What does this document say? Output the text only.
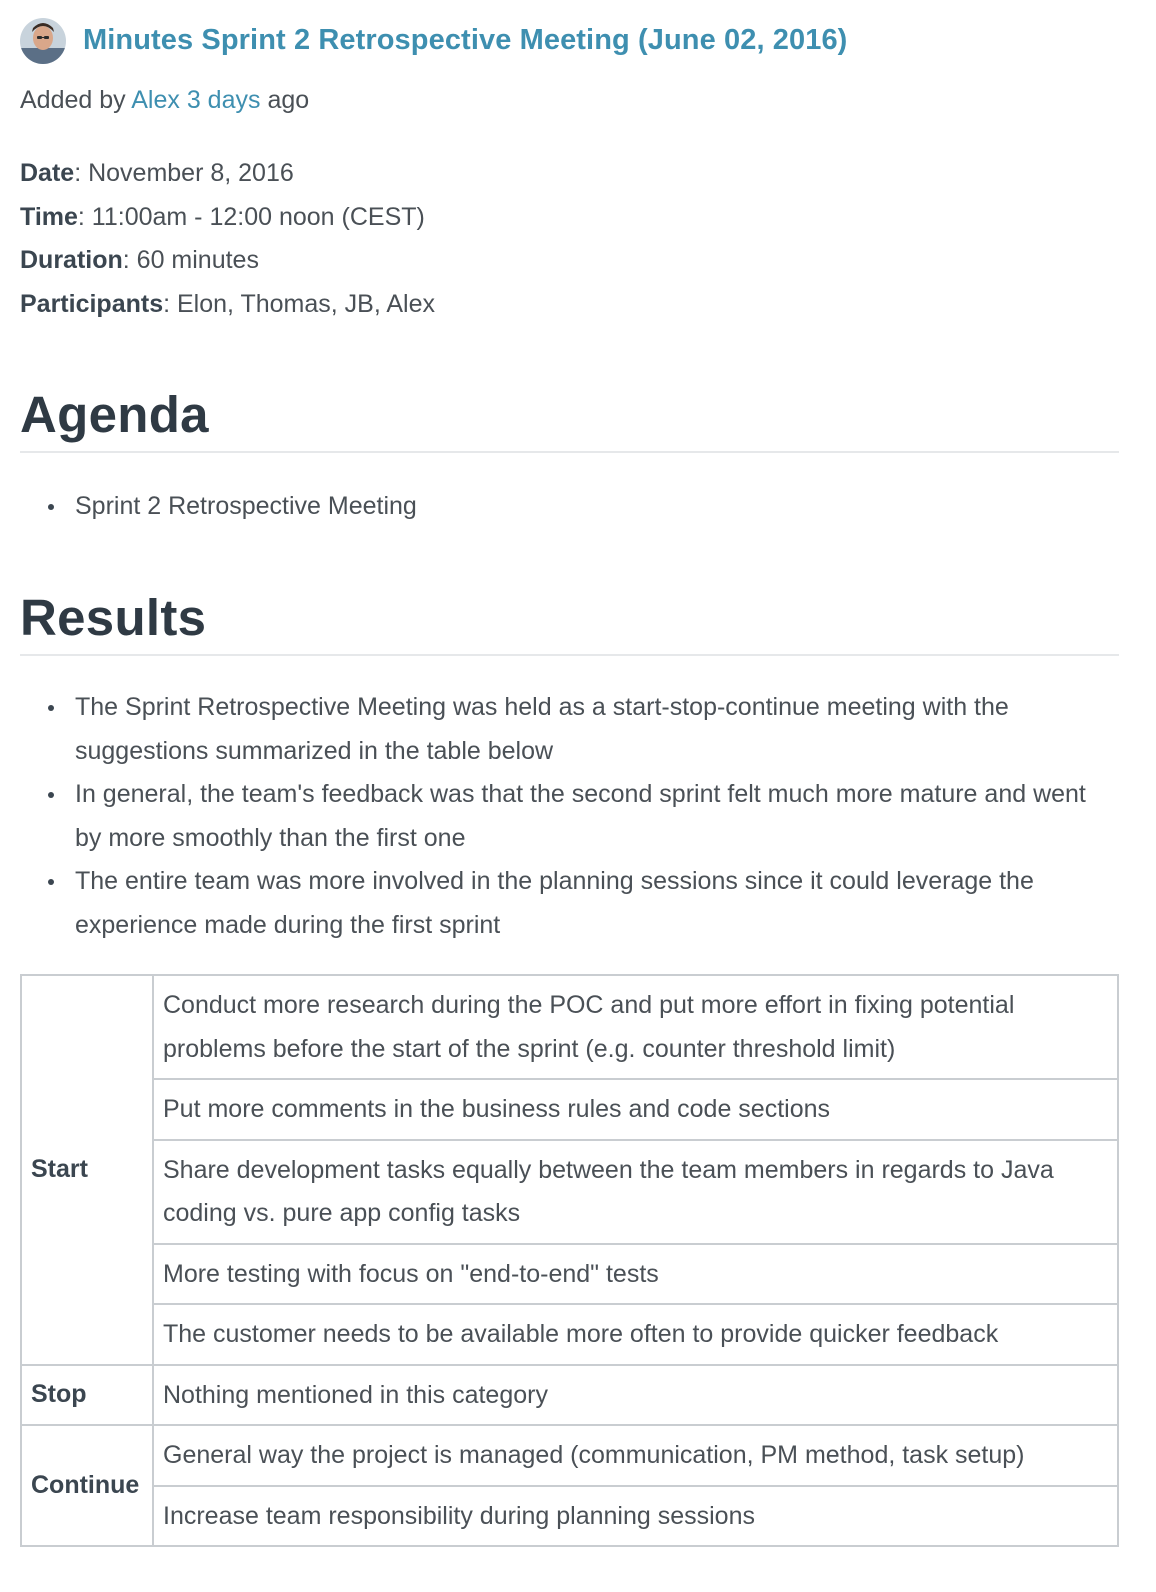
Minutes Sprint 2 Retrospective Meeting (June 02, 2016)
Added by Alex 3 days ago
Date: November 8, 2016
Time: 11:00am - 12:00 noon (CEST)
Duration: 60 minutes
Participants: Elon, Thomas, JB, Alex
Agenda
Sprint 2 Retrospective Meeting
Results
The Sprint Retrospective Meeting was held as a start-stop-continue meeting with the suggestions summarized in the table below
In general, the team's feedback was that the second sprint felt much more mature and went by more smoothly than the first one
The entire team was more involved in the planning sessions since it could leverage the experience made during the first sprint
Start	Conduct more research during the POC and put more effort in fixing potential problems before the start of the sprint (e.g. counter threshold limit)
	Put more comments in the business rules and code sections
	Share development tasks equally between the team members in regards to Java coding vs. pure app config tasks
	More testing with focus on "end-to-end" tests
	The customer needs to be available more often to provide quicker feedback
Stop	Nothing mentioned in this category
Continue	General way the project is managed (communication, PM method, task setup)
	Increase team responsibility during planning sessions
